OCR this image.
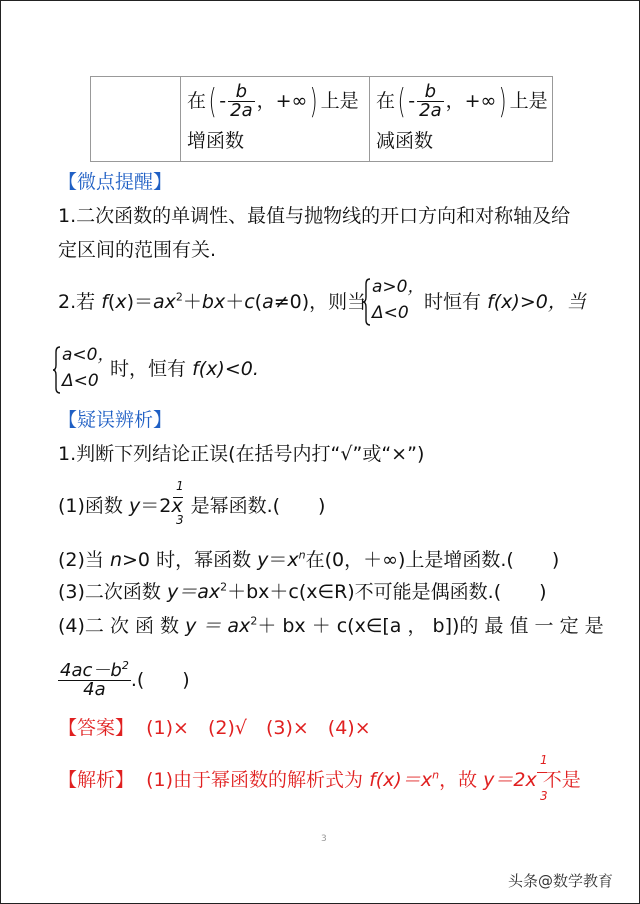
在( - $\frac{b}{2a}$ ，+∞) 上是
增函数

在( - $\frac{b}{2a}$ ，+∞) 上是
减函数
【微点提醒】
1.二次函数的单调性、最值与抛物线的开口方向和对称轴及给
定区间的范围有关.
2.若 $f(x)=ax^2+bx+c(a\ne 0)$，则当
a>0，
Δ<0 时恒有 f(x)>0，当
a<0，
Δ<0
时，恒有 f(x)<0.
【疑误辨析】
1.判断下列结论正误(在括号内打“√”或“×”)
(1)函数 y＝2x 是幂函数.(　　)
1
3
(2)当 n>0 时，幂函数 $y=x^n$在(0，＋∞)上是增函数.(　　)
(3)二次函数 $y=ax^2+bx+c(x\in R)$不可能是偶函数.(　　)
(4)二 次 函 数 $y = ax^2+$ bx ＋ c(x∈[a ， b])的 最 值 一 定 是
$\frac{4ac-b^2}{4a}$ .(　　)
【答案】 (1)×　(2)√　(3)×　(4)×
【解析】 (1)由于幂函数的解析式为 $f(x)=x^n$，故 y＝2x 不是
1
3
3
头条@数学教育
